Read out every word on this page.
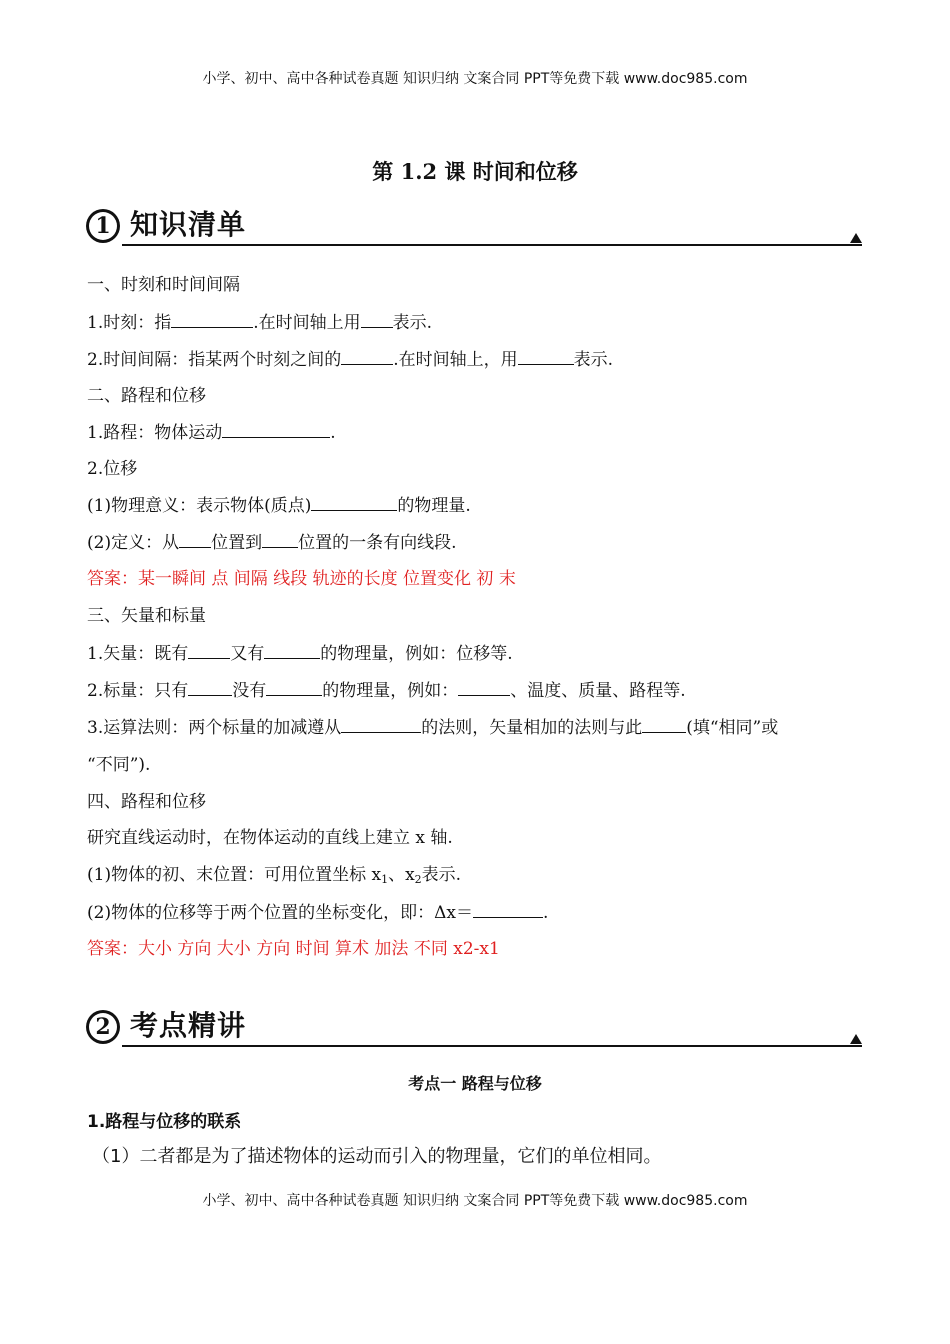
小学、初中、高中各种试卷真题 知识归纳 文案合同 PPT等免费下载 www.doc985.com
第 1.2 课 时间和位移
1 知识清单
一、时刻和时间间隔
1.时刻：指	.在时间轴上用 表示.
2.时间间隔：指某两个时刻之间的	.在时间轴上，用	表示.
二、路程和位移
1.路程：物体运动	.
2.位移
(1)物理意义：表示物体(质点)	的物理量.
(2)定义：从 位置到 位置的一条有向线段.
答案：某一瞬间 点 间隔 线段 轨迹的长度 位置变化 初 末
三、矢量和标量
1.矢量：既有 又有	的物理量，例如：位移等.
2.标量：只有	没有	的物理量，例如：	、温度、质量、路程等.
3.运算法则：两个标量的加减遵从	的法则，矢量相加的法则与此	(填“相同”或
“不同”).
四、路程和位移
研究直线运动时，在物体运动的直线上建立 x 轴.
(1)物体的初、末位置：可用位置坐标 $x_1$、$x_2$表示.
(2)物体的位移等于两个位置的坐标变化，即：Δx＝	.
答案：大小 方向 大小 方向 时间 算术 加法 不同 x2-x1
2 考点精讲
考点一 路程与位移
1.路程与位移的联系
（1）二者都是为了描述物体的运动而引入的物理量，它们的单位相同。
小学、初中、高中各种试卷真题 知识归纳 文案合同 PPT等免费下载 www.doc985.com
